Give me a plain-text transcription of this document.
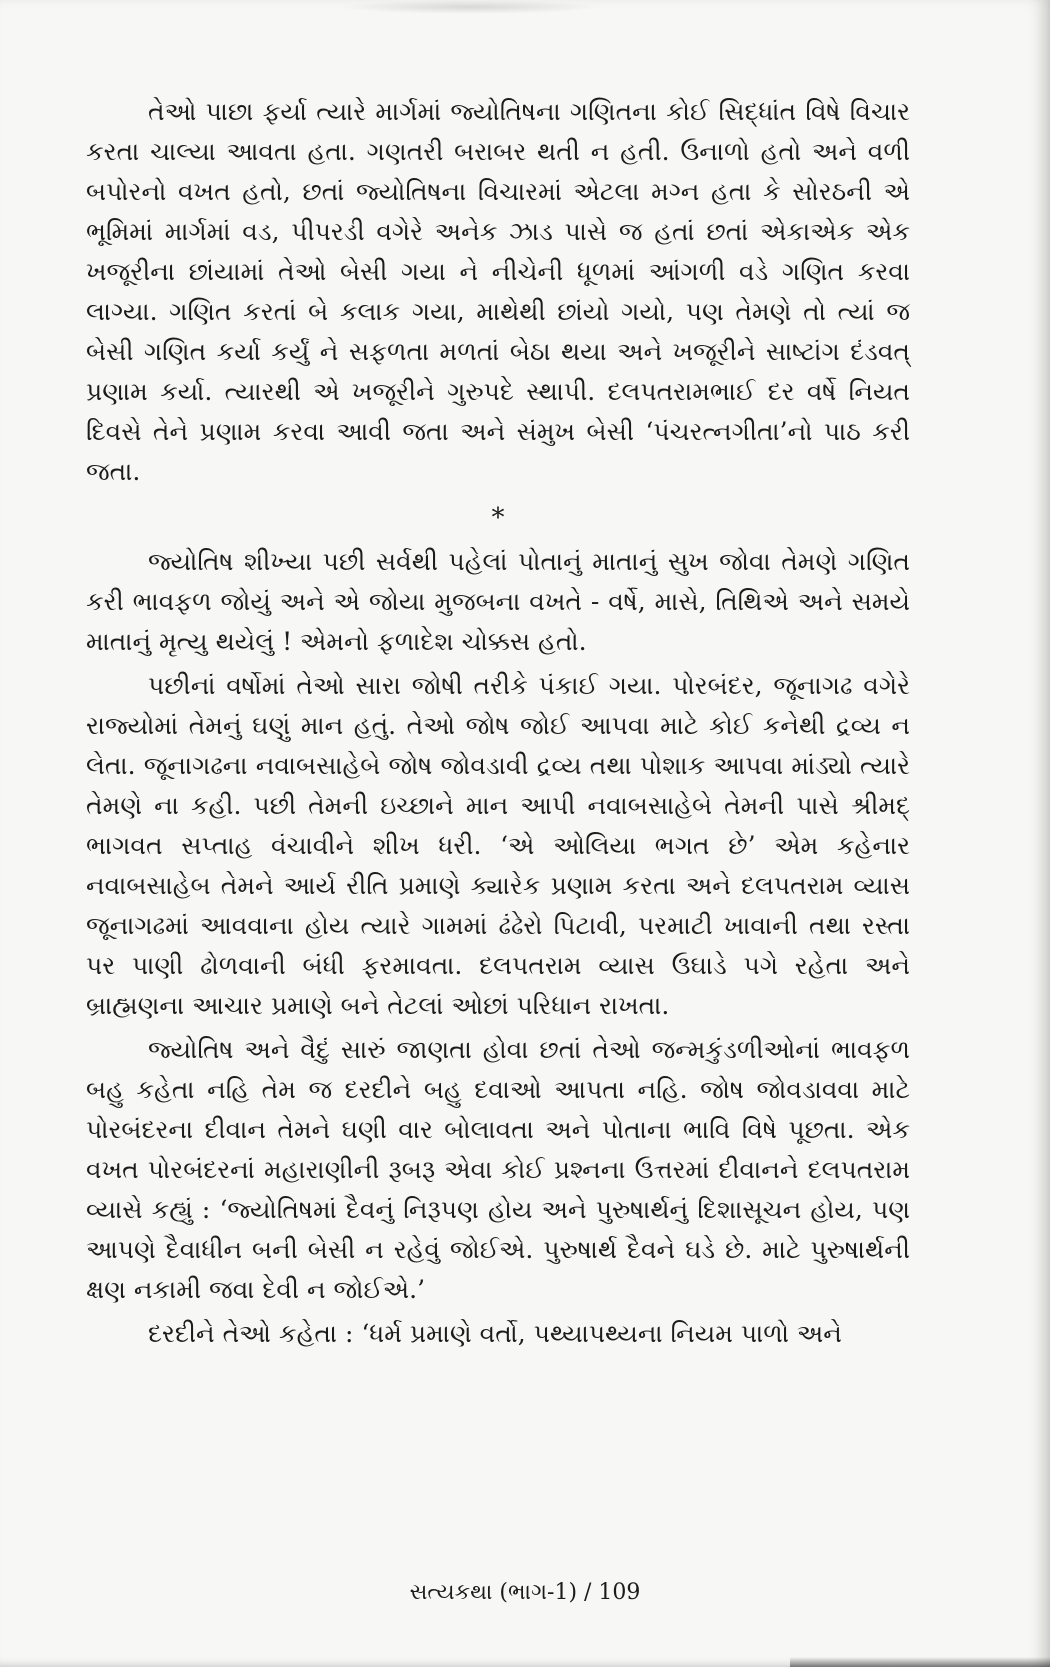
તેઓ પાછા ફર્યા ત્યારે માર્ગમાં જ્યોતિષના ગણિતના કોઈ સિદ્ધાંત વિષે વિચાર કરતા ચાલ્યા આવતા હતા. ગણતરી બરાબર થતી ન હતી. ઉનાળો હતો અને વળી બપોરનો વખત હતો, છતાં જ્યોતિષના વિચારમાં એટલા મગ્ન હતા કે સોરઠની એ ભૂમિમાં માર્ગમાં વડ, પીપરડી વગેરે અનેક ઝાડ પાસે જ હતાં છતાં એકાએક એક ખજૂરીના છાંયામાં તેઓ બેસી ગયા ને નીચેની ધૂળમાં આંગળી વડે ગણિત કરવા લાગ્યા. ગણિત કરતાં બે કલાક ગયા, માથેથી છાંયો ગયો, પણ તેમણે તો ત્યાં જ બેસી ગણિત કર્યા કર્યું ને સફળતા મળતાં બેઠા થયા અને ખજૂરીને સાષ્ટાંગ દંડવત્ પ્રણામ કર્યા. ત્યારથી એ ખજૂરીને ગુરુપદે સ્થાપી. દલપતરામભાઈ દર વર્ષે નિયત દિવસે તેને પ્રણામ કરવા આવી જતા અને સંમુખ બેસી ‘પંચરત્નગીતા’નો પાઠ કરી જતા.

*

જ્યોતિષ શીખ્યા પછી સર્વથી પહેલાં પોતાનું માતાનું સુખ જોવા તેમણે ગણિત કરી ભાવફળ જોયું અને એ જોયા મુજબના વખતે - વર્ષે, માસે, તિથિએ અને સમયે માતાનું મૃત્યુ થયેલું ! એમનો ફળાદેશ ચોક્કસ હતો.

પછીનાં વર્ષોમાં તેઓ સારા જોષી તરીકે પંકાઈ ગયા. પોરબંદર, જૂનાગઢ વગેરે રાજ્યોમાં તેમનું ઘણું માન હતું. તેઓ જોષ જોઈ આપવા માટે કોઈ કનેથી દ્રવ્ય ન લેતા. જૂનાગઢના નવાબસાહેબે જોષ જોવડાવી દ્રવ્ય તથા પોશાક આપવા માંડ્યો ત્યારે તેમણે ના કહી. પછી તેમની ઇચ્છાને માન આપી નવાબસાહેબે તેમની પાસે શ્રીમદ્ ભાગવત સપ્તાહ વંચાવીને શીખ ધરી. ‘એ ઓલિયા ભગત છે’ એમ કહેનાર નવાબસાહેબ તેમને આર્ય રીતિ પ્રમાણે ક્યારેક પ્રણામ કરતા અને દલપતરામ વ્યાસ જૂનાગઢમાં આવવાના હોય ત્યારે ગામમાં ઢંઢેરો પિટાવી, પરમાટી ખાવાની તથા રસ્તા પર પાણી ઢોળવાની બંધી ફરમાવતા. દલપતરામ વ્યાસ ઉઘાડે પગે રહેતા અને બ્રાહ્મણના આચાર પ્રમાણે બને તેટલાં ઓછાં પરિધાન રાખતા.

જ્યોતિષ અને વૈદું સારું જાણતા હોવા છતાં તેઓ જન્મકુંડળીઓનાં ભાવફળ બહુ કહેતા નહિ તેમ જ દરદીને બહુ દવાઓ આપતા નહિ. જોષ જોવડાવવા માટે પોરબંદરના દીવાન તેમને ઘણી વાર બોલાવતા અને પોતાના ભાવિ વિષે પૂછતા. એક વખત પોરબંદરનાં મહારાણીની રૂબરૂ એવા કોઈ પ્રશ્નના ઉત્તરમાં દીવાનને દલપતરામ વ્યાસે કહ્યું : ‘જ્યોતિષમાં દૈવનું નિરૂપણ હોય અને પુરુષાર્થનું દિશાસૂચન હોય, પણ આપણે દૈવાધીન બની બેસી ન રહેવું જોઈએ. પુરુષાર્થ દૈવને ઘડે છે. માટે પુરુષાર્થની ક્ષણ નકામી જવા દેવી ન જોઈએ.’

દરદીને તેઓ કહેતા : ‘ધર્મ પ્રમાણે વર્તો, પથ્યાપથ્યના નિયમ પાળો અને

સત્યકથા (ભાગ-1) / 109
